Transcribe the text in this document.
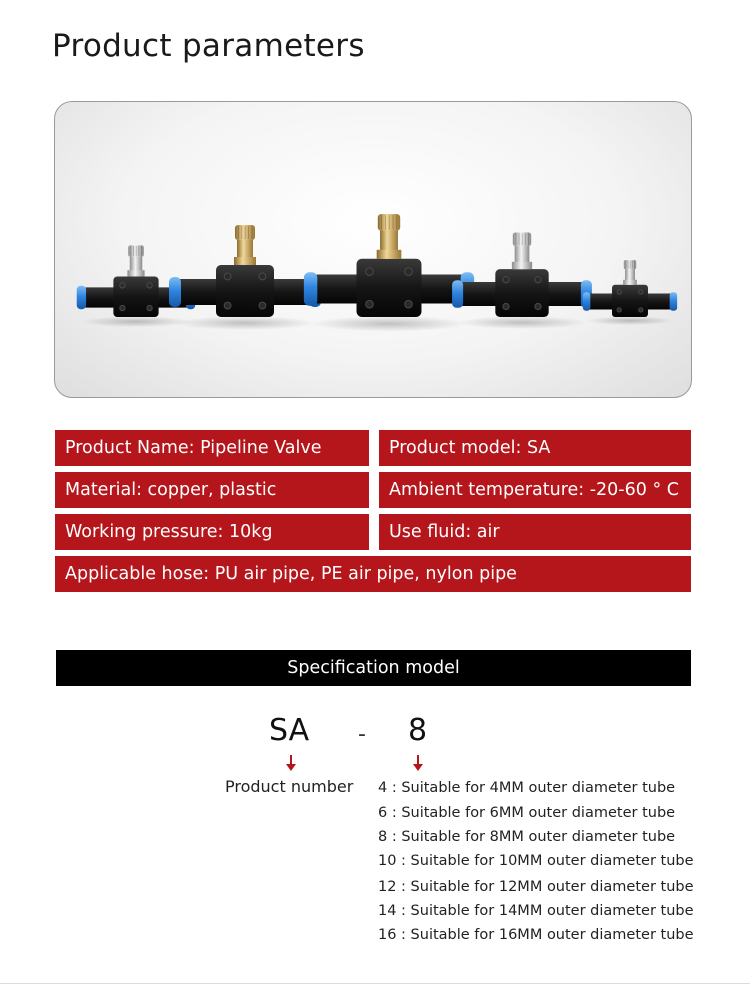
Product parameters
Product Name: Pipeline Valve	Product model: SA
Material: copper, plastic	Ambient temperature: -20-60 ° C
Working pressure: 10kg	Use fluid: air
Applicable hose: PU air pipe, PE air pipe, nylon pipe
Specification model
SA - 8
Product number 4 : Suitable for 4MM outer diameter tube
6 : Suitable for 6MM outer diameter tube
8 : Suitable for 8MM outer diameter tube
10 : Suitable for 10MM outer diameter tube
12 : Suitable for 12MM outer diameter tube
14 : Suitable for 14MM outer diameter tube
16 : Suitable for 16MM outer diameter tube
